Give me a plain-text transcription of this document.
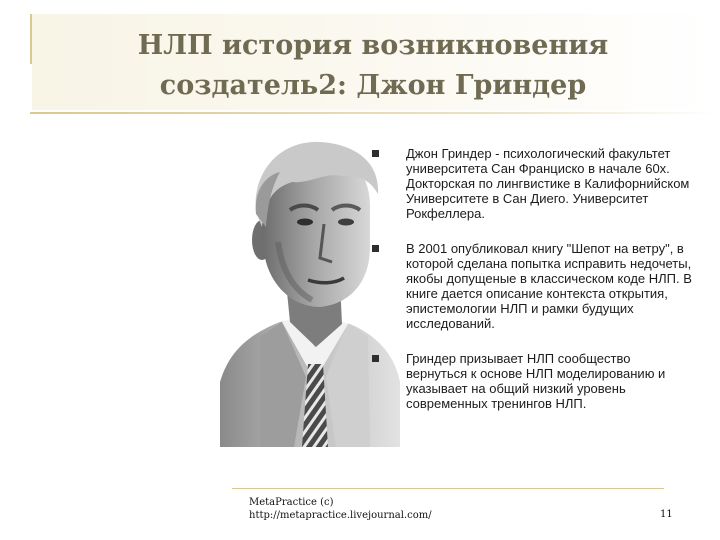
НЛП история возникновения
создатель2: Джон Гриндер
Джон Гриндер - психологический факультет университета Сан Франциско в начале 60х. Докторская по лингвистике в Калифорнийском Университете в Сан Диего. Университет Рокфеллера.
В 2001 опубликовал книгу "Шепот на ветру", в которой сделана попытка исправить недочеты, якобы допущеные в классическом коде НЛП. В книге дается описание контекста открытия, эпистемологии НЛП и рамки будущих исследований.
Гриндер призывает НЛП сообщество вернуться к основе НЛП моделированию и указывает на общий низкий уровень современных тренингов НЛП.
MetaPractice (c)
http://metapractice.livejournal.com/	11
